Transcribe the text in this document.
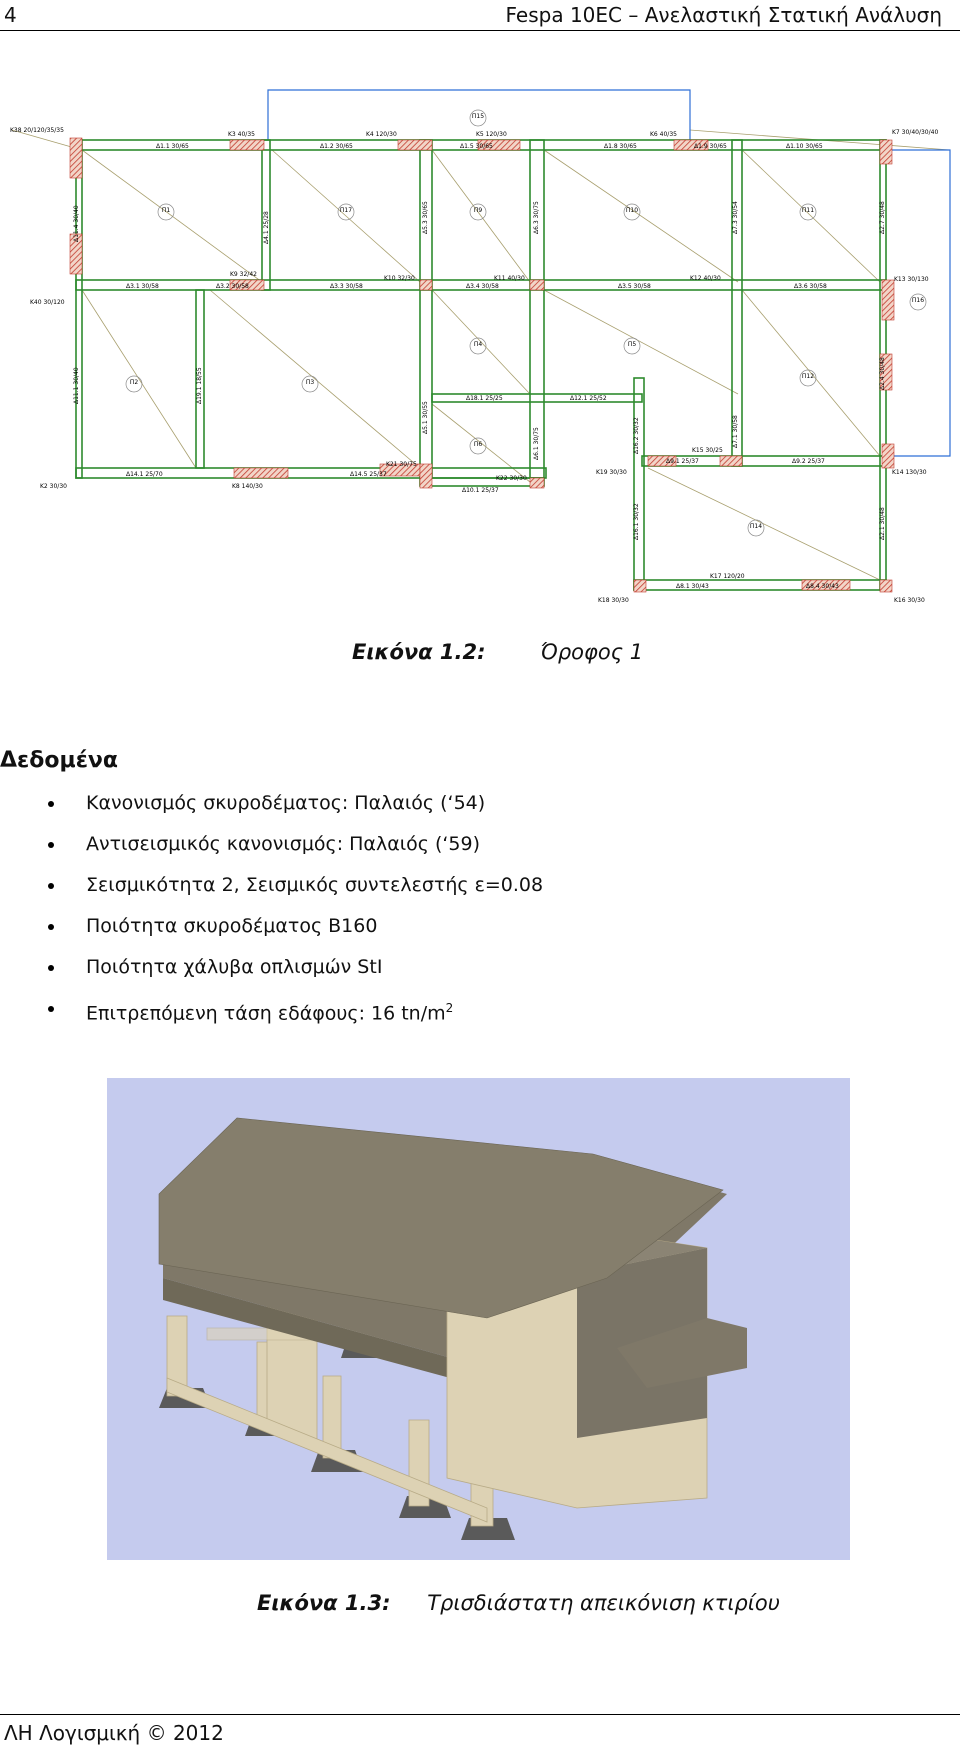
4	Fespa 10EC – Ανελαστική Στατική Ανάλυση
Π1	Π17	Π9	Π10	Π11
Π2	Π3
Π4	Π5
Π12
Π6
Π14
Π15
Π16
K38 20/120/35/35
K3 40/35	K4 120/30	K5 120/30	K6 40/35	K7 30/40/30/40
Δ1.1 30/65	Δ1.2 30/65	Δ1.5 30/65	Δ1.8 30/65	Δ1.9 30/65	Δ1.10 30/65
K9 32/42
K10 32/30	K11 40/30	K12 40/30	K13 30/130
K40 30/120
Δ3.1 30/58	Δ3.2 30/58	Δ3.3 30/58	Δ3.4 30/58	Δ3.5 30/58	Δ3.6 30/58
Δ18.1 25/25	Δ12.1 25/52
K21 30/75
K22 30/30
K2 30/30	K8 140/30
Δ14.1 25/70	Δ14.5 25/37
Δ10.1 25/37
K19 30/30
K15 30/25
K14 130/30
Δ9.1 25/37	Δ9.2 25/37
K17 120/20
Δ8.1 30/43	Δ8.4 30/43
K18 30/30	K16 30/30
Δ11.4 30/40	Δ4.1 25/28	Δ5.3 30/65	Δ6.3 30/75	Δ7.3 30/54	Δ2.7 30/48
Δ11.1 30/40	Δ19.1 18/55
Δ5.1 30/55
Δ6.1 30/75	Δ16.2 30/32	Δ7.1 30/58
Δ2.4 30/48
Δ16.1 30/32	Δ2.1 30/48
Εικόνα 1.2:	Όροφος 1
Δεδομένα
Κανονισμός σκυροδέματος: Παλαιός (‘54)
Αντισεισμικός κανονισμός: Παλαιός (‘59)
Σεισμικότητα 2, Σεισμικός συντελεστής ε=0.08
Ποιότητα σκυροδέματος Β160
Ποιότητα χάλυβα οπλισμών StI
Επιτρεπόμενη τάση εδάφους: 16 $tn/m^2$
Εικόνα 1.3: Τρισδιάστατη απεικόνιση κτιρίου
ΛΗ Λογισμική © 2012
